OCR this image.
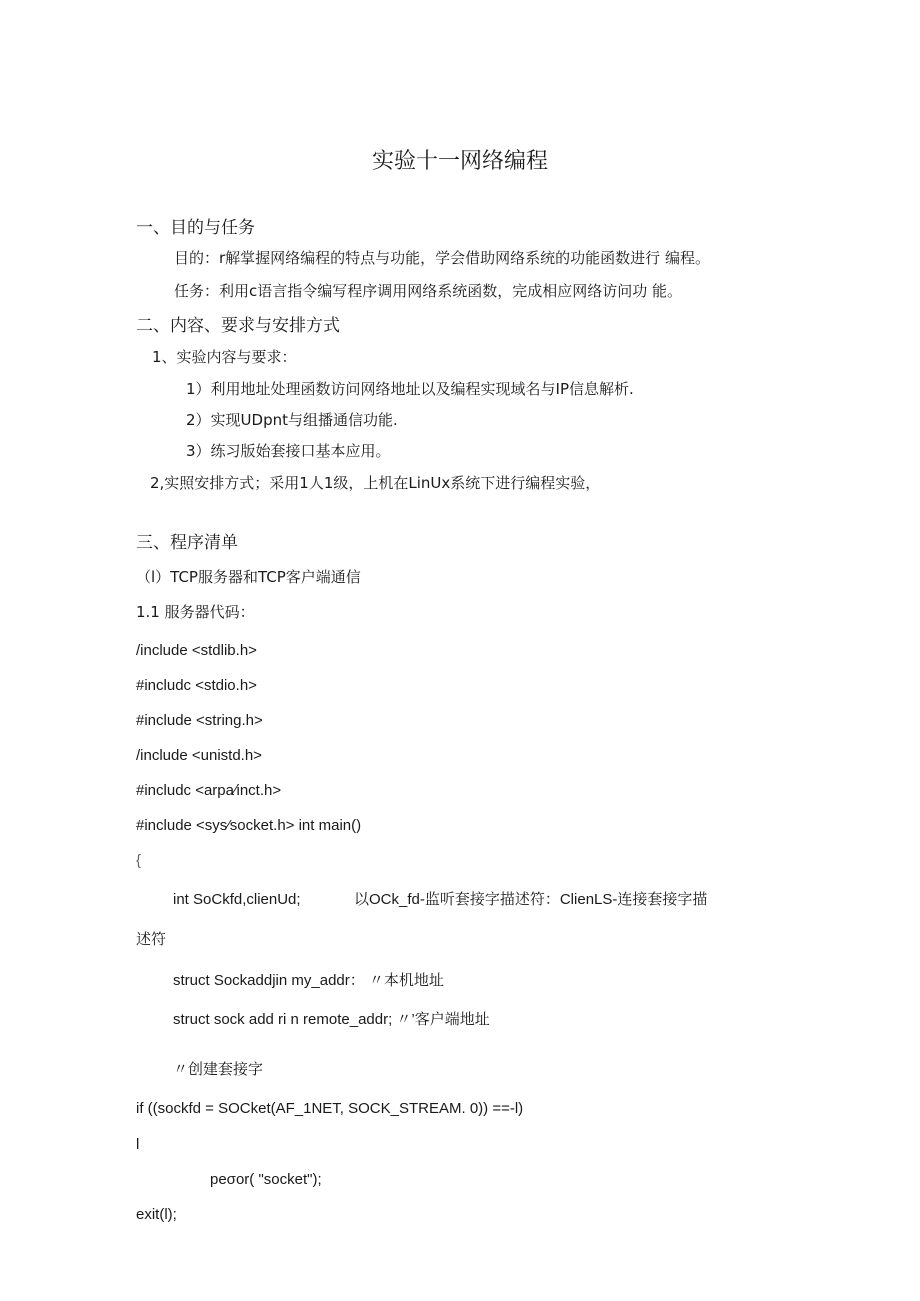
实验十一网络编程
一、目的与任务
目的：r解掌握网络编程的特点与功能，学会借助网络系统的功能函数进行 编程。
任务：利用c语言指令编写程序调用网络系统函数，完成相应网络访问功 能。
二、内容、要求与安排方式
1、实验内容与要求：
1）利用地址处理函数访问网络地址以及编程实现域名与IP信息解析.
2）实现UDpnt与组播通信功能.
3）练习版始套接口基本应用。
2,实照安排方式；采用1人1级，上机在LinUx系统下进行编程实验，
三、程序清单
（l）TCP服务器和TCP客户端通信
1.1 服务器代码：
/include <stdlib.h>
#includc <stdio.h>
#include <string.h>
/include <unistd.h>
#includc <arpa⁄inct.h>
#include <sys⁄socket.h> int main()
{
int SoCkfd,clienUd;	以OCk_fd-监听套接字描述符：ClienLS-连接套接字描
述符
struct Sockaddjin my_addr： 〃本机地址
struct sock add ri n remote_addr; 〃’客户端地址
〃创建套接字
if ((sockfd = SOCket(AF_1NET, SOCK_STREAM. 0)) ==-l)
l
peσor( "socket");
exit(l);
